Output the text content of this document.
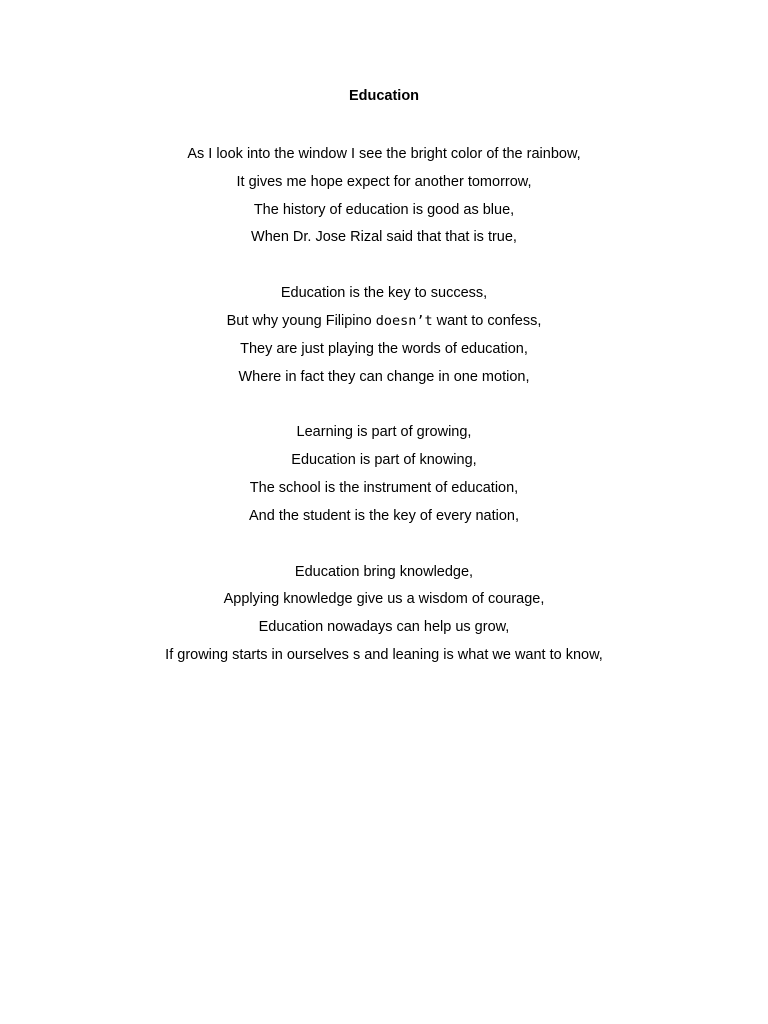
Education
As I look into the window I see the bright color of the rainbow,
It gives me hope expect for another tomorrow,
The history of education is good as blue,
When Dr. Jose Rizal said that that is true,
Education is the key to success,
But why young Filipino doesn’t want to confess,
They are just playing the words of education,
Where in fact they can change in one motion,
Learning is part of growing,
Education is part of knowing,
The school is the instrument of education,
And the student is the key of every nation,
Education bring knowledge,
Applying knowledge give us a wisdom of courage,
Education nowadays can help us grow,
If growing starts in ourselves s and leaning is what we want to know,
